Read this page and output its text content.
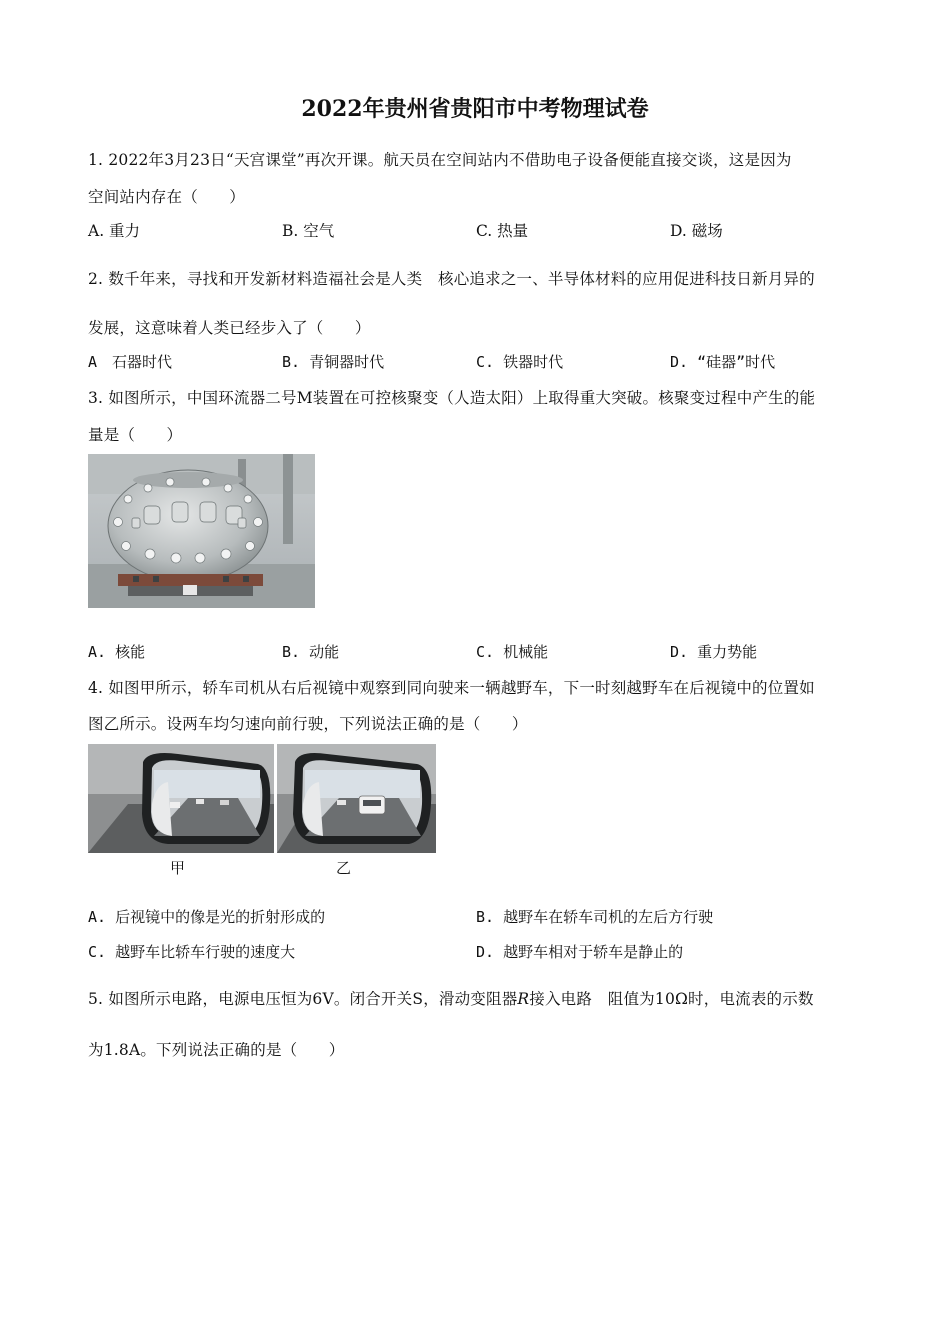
2022年贵州省贵阳市中考物理试卷
1. 2022年3月23日“天宫课堂”再次开课。航天员在空间站内不借助电子设备便能直接交谈，这是因为
空间站内存在（　　）
A. 重力	B. 空气	C. 热量	D. 磁场
2. 数千年来，寻找和开发新材料造福社会是人类　核心追求之一、半导体材料的应用促进科技日新月异的
发展，这意味着人类已经步入了（　　）
A　石器时代	B. 青铜器时代	C. 铁器时代	D. “硅器”时代
3. 如图所示，中国环流器二号M装置在可控核聚变（人造太阳）上取得重大突破。核聚变过程中产生的能
量是（　　）
A. 核能	B. 动能	C. 机械能	D. 重力势能
4. 如图甲所示，轿车司机从右后视镜中观察到同向驶来一辆越野车，下一时刻越野车在后视镜中的位置如
图乙所示。设两车均匀速向前行驶，下列说法正确的是（　　）
甲	乙
A. 后视镜中的像是光的折射形成的	B. 越野车在轿车司机的左后方行驶
C. 越野车比轿车行驶的速度大	D. 越野车相对于轿车是静止的
5. 如图所示电路，电源电压恒为6V。闭合开关S，滑动变阻器R接入电路　阻值为10Ω时，电流表的示数
为1.8A。下列说法正确的是（　　）
